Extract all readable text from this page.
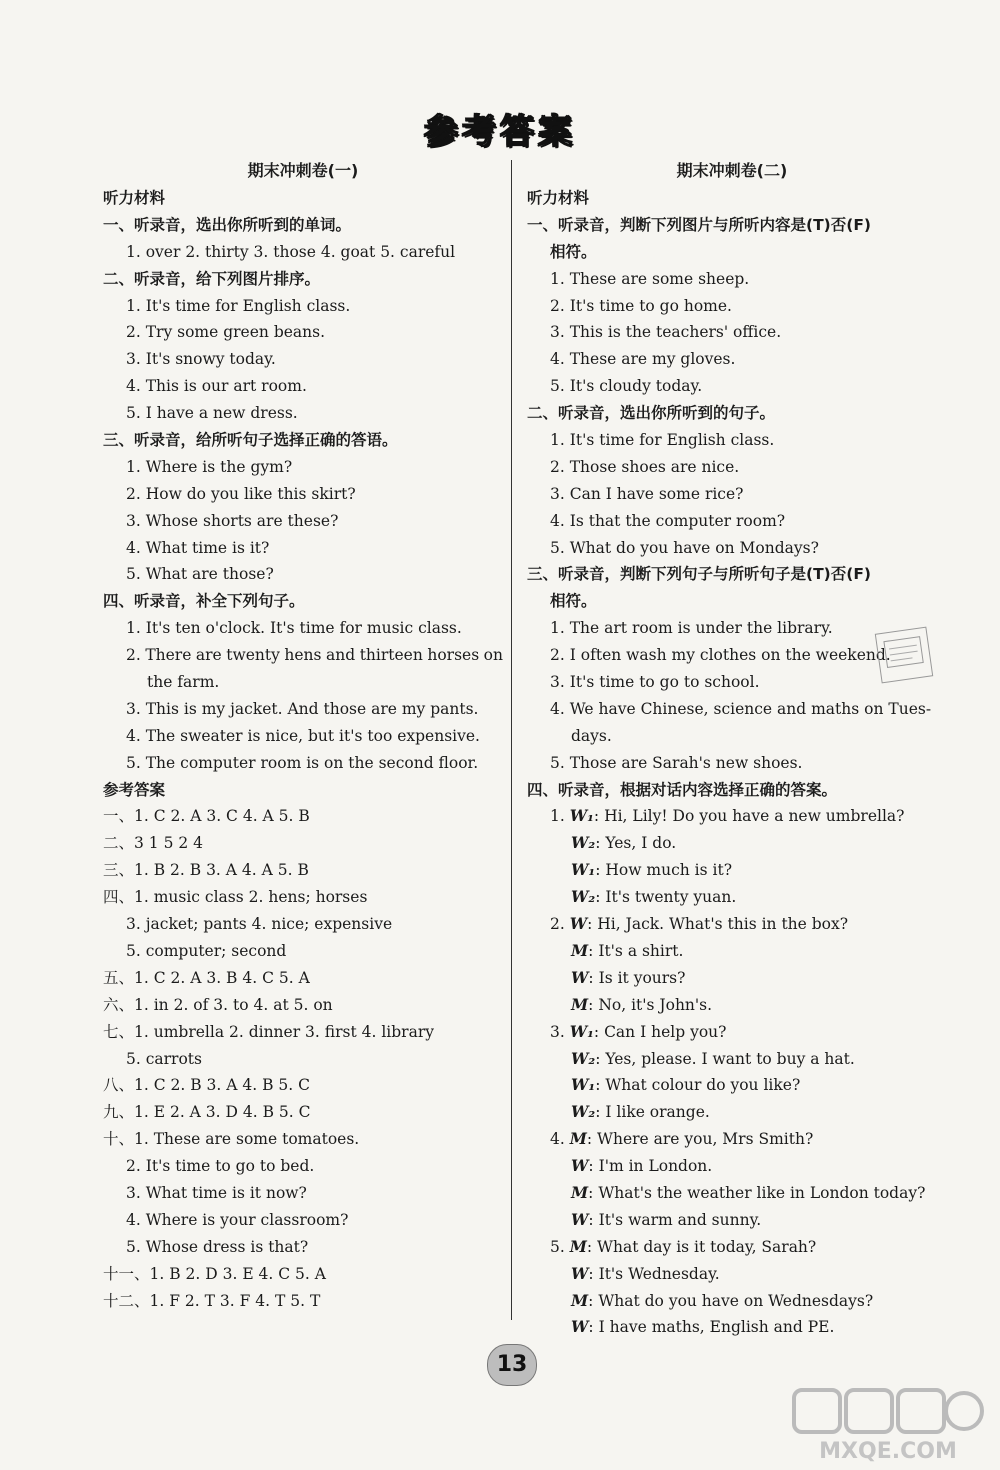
参考答案
期末冲刺卷(一)
听力材料
一、听录音，选出你所听到的单词。
1. over 2. thirty 3. those 4. goat 5. careful
二、听录音，给下列图片排序。
1. It's time for English class.
2. Try some green beans.
3. It's snowy today.
4. This is our art room.
5. I have a new dress.
三、听录音，给所听句子选择正确的答语。
1. Where is the gym?
2. How do you like this skirt?
3. Whose shorts are these?
4. What time is it?
5. What are those?
四、听录音，补全下列句子。
1. It's ten o'clock. It's time for music class.
2. There are twenty hens and thirteen horses on
the farm.
3. This is my jacket. And those are my pants.
4. The sweater is nice, but it's too expensive.
5. The computer room is on the second floor.
参考答案
一、1. C 2. A 3. C 4. A 5. B
二、3 1 5 2 4
三、1. B 2. B 3. A 4. A 5. B
四、1. music class 2. hens; horses
3. jacket; pants 4. nice; expensive
5. computer; second
五、1. C 2. A 3. B 4. C 5. A
六、1. in 2. of 3. to 4. at 5. on
七、1. umbrella 2. dinner 3. first 4. library
5. carrots
八、1. C 2. B 3. A 4. B 5. C
九、1. E 2. A 3. D 4. B 5. C
十、1. These are some tomatoes.
2. It's time to go to bed.
3. What time is it now?
4. Where is your classroom?
5. Whose dress is that?
十一、1. B 2. D 3. E 4. C 5. A
十二、1. F 2. T 3. F 4. T 5. T
期末冲刺卷(二)
听力材料
一、听录音，判断下列图片与所听内容是(T)否(F)
相符。
1. These are some sheep.
2. It's time to go home.
3. This is the teachers' office.
4. These are my gloves.
5. It's cloudy today.
二、听录音，选出你所听到的句子。
1. It's time for English class.
2. Those shoes are nice.
3. Can I have some rice?
4. Is that the computer room?
5. What do you have on Mondays?
三、听录音，判断下列句子与所听句子是(T)否(F)
相符。
1. The art room is under the library.
2. I often wash my clothes on the weekend.
3. It's time to go to school.
4. We have Chinese, science and maths on Tues-
days.
5. Those are Sarah's new shoes.
四、听录音，根据对话内容选择正确的答案。
1. W₁: Hi, Lily! Do you have a new umbrella?
W₂: Yes, I do.
W₁: How much is it?
W₂: It's twenty yuan.
2. W: Hi, Jack. What's this in the box?
M: It's a shirt.
W: Is it yours?
M: No, it's John's.
3. W₁: Can I help you?
W₂: Yes, please. I want to buy a hat.
W₁: What colour do you like?
W₂: I like orange.
4. M: Where are you, Mrs Smith?
W: I'm in London.
M: What's the weather like in London today?
W: It's warm and sunny.
5. M: What day is it today, Sarah?
W: It's Wednesday.
M: What do you have on Wednesdays?
W: I have maths, English and PE.
13
MXQE.COM
